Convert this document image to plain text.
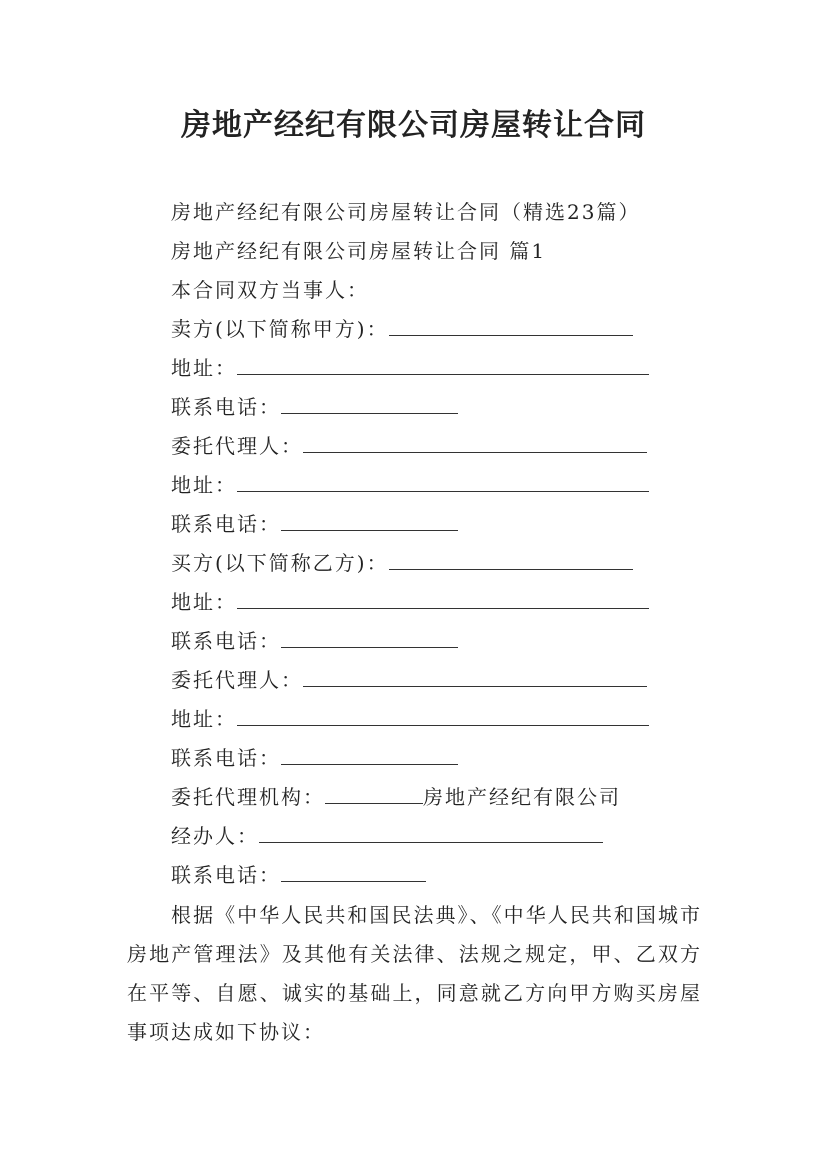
房地产经纪有限公司房屋转让合同
房地产经纪有限公司房屋转让合同（精选23篇）
房地产经纪有限公司房屋转让合同 篇1
本合同双方当事人：
卖方(以下简称甲方)：
地址：
联系电话：
委托代理人：
地址：
联系电话：
买方(以下简称乙方)：
地址：
联系电话：
委托代理人：
地址：
联系电话：
委托代理机构：	房地产经纪有限公司
经办人：
联系电话：
根据《中华人民共和国民法典》、《中华人民共和国城市房地产管理法》及其他有关法律、法规之规定，甲、乙双方在平等、自愿、诚实的基础上，同意就乙方向甲方购买房屋事项达成如下协议：
